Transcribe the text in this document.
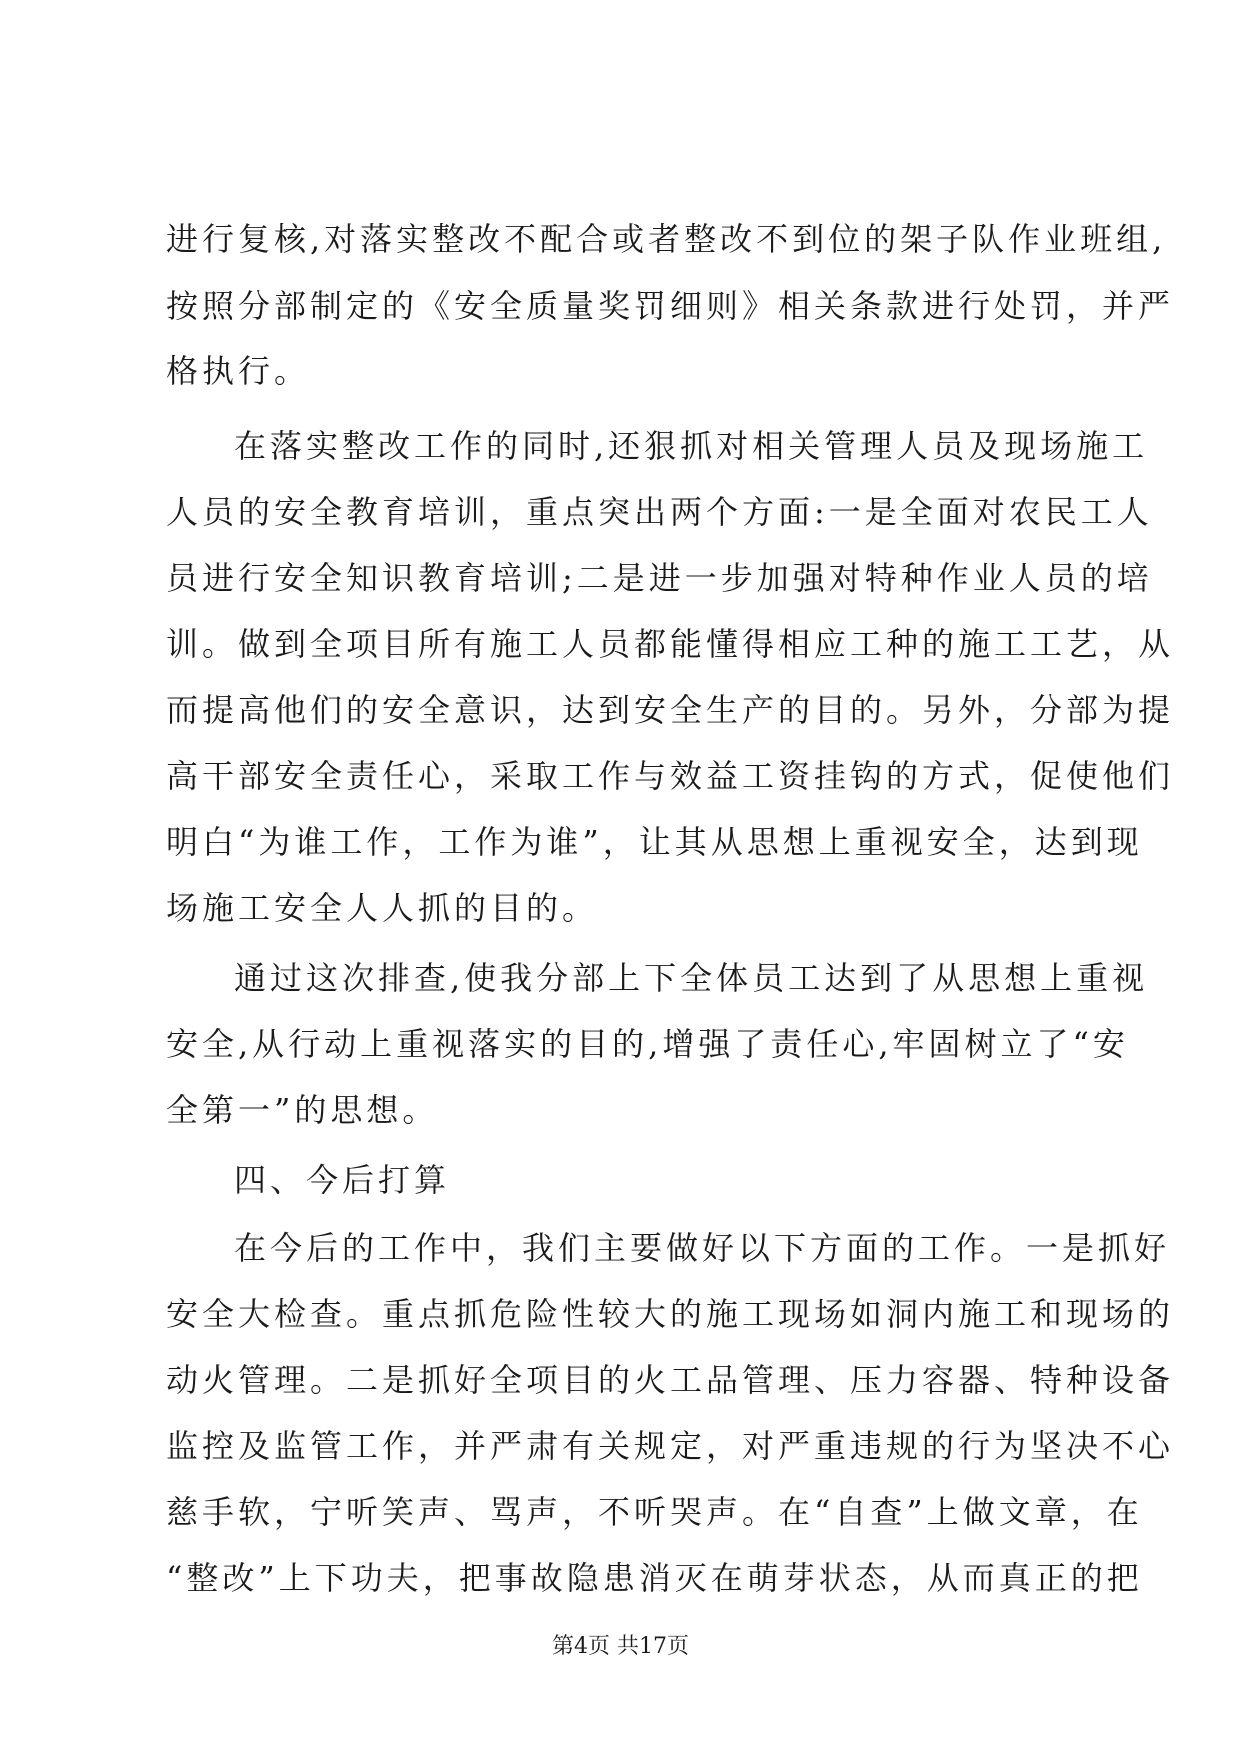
进行复核,对落实整改不配合或者整改不到位的架子队作业班组,
按照分部制定的《安全质量奖罚细则》相关条款进行处罚，并严
格执行。
在落实整改工作的同时,还狠抓对相关管理人员及现场施工
人员的安全教育培训，重点突出两个方面:一是全面对农民工人
员进行安全知识教育培训;二是进一步加强对特种作业人员的培
训。做到全项目所有施工人员都能懂得相应工种的施工工艺，从
而提高他们的安全意识，达到安全生产的目的。另外，分部为提
高干部安全责任心，采取工作与效益工资挂钩的方式，促使他们
明白“为谁工作，工作为谁”，让其从思想上重视安全，达到现
场施工安全人人抓的目的。
通过这次排查,使我分部上下全体员工达到了从思想上重视
安全,从行动上重视落实的目的,增强了责任心,牢固树立了“安
全第一”的思想。
四、今后打算
在今后的工作中，我们主要做好以下方面的工作。一是抓好
安全大检查。重点抓危险性较大的施工现场如洞内施工和现场的
动火管理。二是抓好全项目的火工品管理、压力容器、特种设备
监控及监管工作，并严肃有关规定，对严重违规的行为坚决不心
慈手软，宁听笑声、骂声，不听哭声。在“自查”上做文章，在
“整改”上下功夫，把事故隐患消灭在萌芽状态，从而真正的把
第4页 共17页
